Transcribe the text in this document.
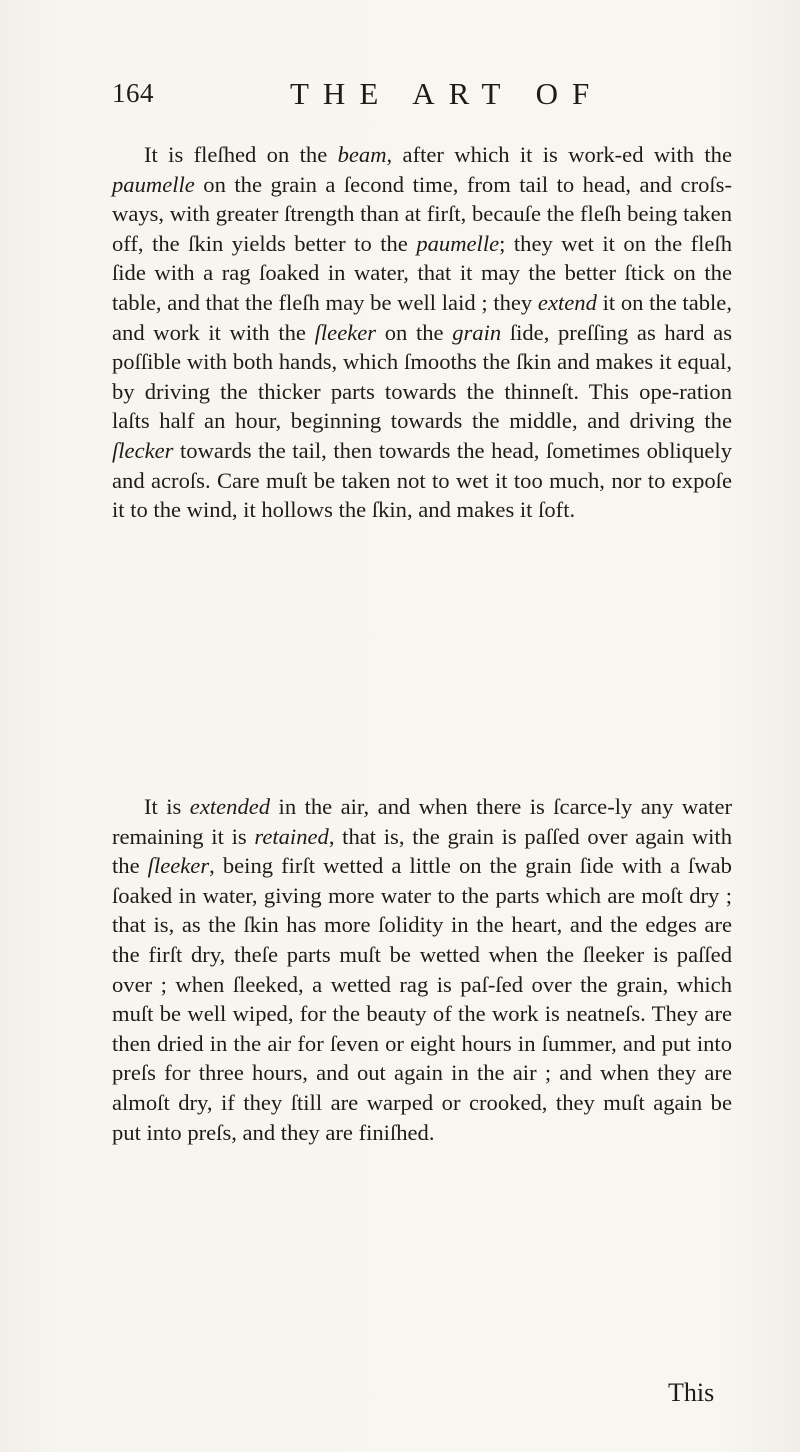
164	THE ART OF

It is fleſhed on the beam, after which it is work-ed with the paumelle on the grain a ſecond time, from tail to head, and croſs-ways, with greater ſtrength than at firſt, becauſe the fleſh being taken off, the ſkin yields better to the paumelle; they wet it on the fleſh ſide with a rag ſoaked in water, that it may the better ſtick on the table, and that the fleſh may be well laid ; they extend it on the table, and work it with the ſleeker on the grain ſide, preſſing as hard as poſſible with both hands, which ſmooths the ſkin and makes it equal, by driving the thicker parts towards the thinneſt. This ope-ration laſts half an hour, beginning towards the middle, and driving the ſlecker towards the tail, then towards the head, ſometimes obliquely and acroſs. Care muſt be taken not to wet it too much, nor to expoſe it to the wind, it hollows the ſkin, and makes it ſoft.

It is extended in the air, and when there is ſcarce-ly any water remaining it is retained, that is, the grain is paſſed over again with the ſleeker, being firſt wetted a little on the grain ſide with a ſwab ſoaked in water, giving more water to the parts which are moſt dry ; that is, as the ſkin has more ſolidity in the heart, and the edges are the firſt dry, theſe parts muſt be wetted when the ſleeker is paſſed over ; when ſleeked, a wetted rag is paſ-ſed over the grain, which muſt be well wiped, for the beauty of the work is neatneſs. They are then dried in the air for ſeven or eight hours in ſummer, and put into preſs for three hours, and out again in the air ; and when they are almoſt dry, if they ſtill are warped or crooked, they muſt again be put into preſs, and they are finiſhed.

This
